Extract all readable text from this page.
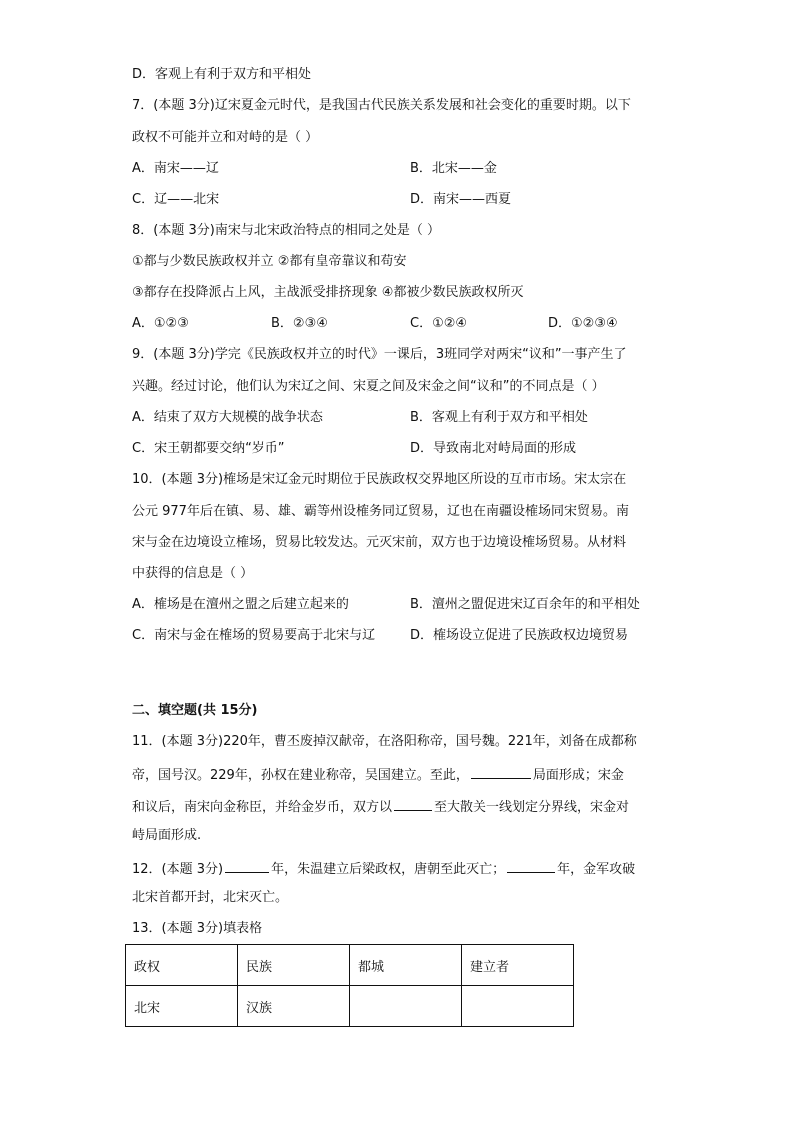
D．客观上有利于双方和平相处
7．(本题 3分)辽宋夏金元时代，是我国古代民族关系发展和社会变化的重要时期。以下
政权不可能并立和对峙的是（ ）
A．南宋——辽	B．北宋——金
C．辽——北宋	D．南宋——西夏
8．(本题 3分)南宋与北宋政治特点的相同之处是（ ）
①都与少数民族政权并立 ②都有皇帝靠议和苟安
③都存在投降派占上风，主战派受排挤现象 ④都被少数民族政权所灭
A．①②③	B．②③④	C．①②④	D．①②③④
9．(本题 3分)学完《民族政权并立的时代》一课后，3班同学对两宋“议和”一事产生了
兴趣。经过讨论，他们认为宋辽之间、宋夏之间及宋金之间“议和”的不同点是（ ）
A．结束了双方大规模的战争状态	B．客观上有利于双方和平相处
C．宋王朝都要交纳“岁币”	D．导致南北对峙局面的形成
10．(本题 3分)榷场是宋辽金元时期位于民族政权交界地区所设的互市市场。宋太宗在
公元 977年后在镇、易、雄、霸等州设榷务同辽贸易，辽也在南疆设榷场同宋贸易。南
宋与金在边境设立榷场，贸易比较发达。元灭宋前，双方也于边境设榷场贸易。从材料
中获得的信息是（ ）
A．榷场是在澶州之盟之后建立起来的	B．澶州之盟促进宋辽百余年的和平相处
C．南宋与金在榷场的贸易要高于北宋与辽	D．榷场设立促进了民族政权边境贸易
二、填空题(共 15分)
11．(本题 3分)220年，曹丕废掉汉献帝，在洛阳称帝，国号魏。221年，刘备在成都称
帝，国号汉。229年，孙权在建业称帝，吴国建立。至此，	局面形成；宋金
和议后，南宋向金称臣，并给金岁币，双方以	至大散关一线划定分界线，宋金对
峙局面形成.
12．(本题 3分)	年，朱温建立后梁政权，唐朝至此灭亡；	年，金军攻破
北宋首都开封，北宋灭亡。
13．(本题 3分)填表格
政权	民族	都城	建立者
北宋	汉族		
